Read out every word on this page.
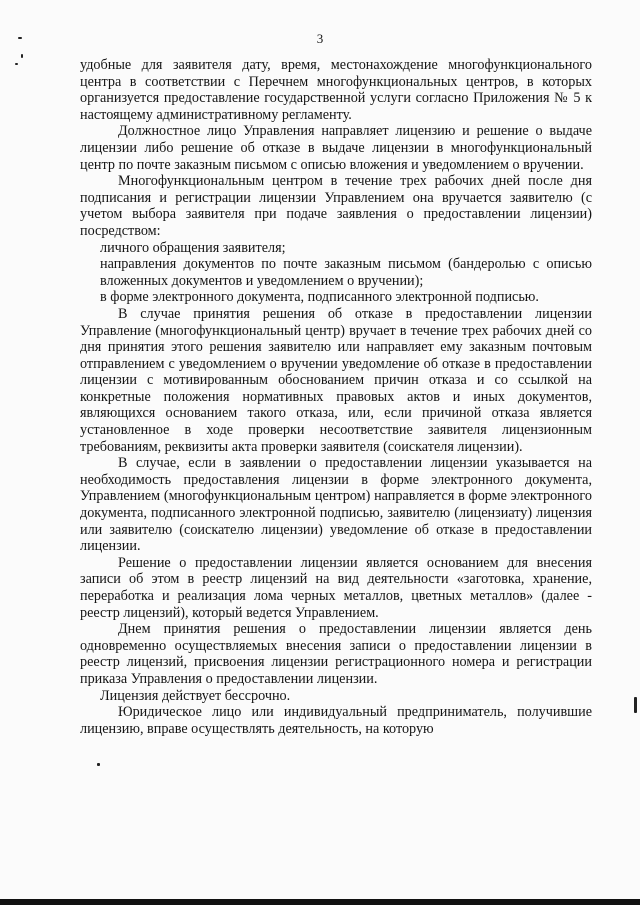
3

удобные для заявителя дату, время, местонахождение многофункционального центра в соответствии с Перечнем многофункциональных центров, в которых организуется предоставление государственной услуги согласно Приложения № 5 к настоящему административному регламенту.

Должностное лицо Управления направляет лицензию и решение о выдаче лицензии либо решение об отказе в выдаче лицензии в многофункциональный центр по почте заказным письмом с описью вложения и уведомлением о вручении.

Многофункциональным центром в течение трех рабочих дней после дня подписания и регистрации лицензии Управлением она вручается заявителю (с учетом выбора заявителя при подаче заявления о предоставлении лицензии) посредством:

личного обращения заявителя;

направления документов по почте заказным письмом (бандеролью с описью вложенных документов и уведомлением о вручении);

в форме электронного документа, подписанного электронной подписью.

В случае принятия решения об отказе в предоставлении лицензии Управление (многофункциональный центр) вручает в течение трех рабочих дней со дня принятия этого решения заявителю или направляет ему заказным почтовым отправлением с уведомлением о вручении уведомление об отказе в предоставлении лицензии с мотивированным обоснованием причин отказа и со ссылкой на конкретные положения нормативных правовых актов и иных документов, являющихся основанием такого отказа, или, если причиной отказа является установленное в ходе проверки несоответствие заявителя лицензионным требованиям, реквизиты акта проверки заявителя (соискателя лицензии).

В случае, если в заявлении о предоставлении лицензии указывается на необходимость предоставления лицензии в форме электронного документа, Управлением (многофункциональным центром) направляется в форме электронного документа, подписанного электронной подписью, заявителю (лицензиату) лицензия или заявителю (соискателю лицензии) уведомление об отказе в предоставлении лицензии.

Решение о предоставлении лицензии является основанием для внесения записи об этом в реестр лицензий на вид деятельности «заготовка, хранение, переработка и реализация лома черных металлов, цветных металлов» (далее - реестр лицензий), который ведется Управлением.

Днем принятия решения о предоставлении лицензии является день одновременно осуществляемых внесения записи о предоставлении лицензии в реестр лицензий, присвоения лицензии регистрационного номера и регистрации приказа Управления о предоставлении лицензии.

Лицензия действует бессрочно.

Юридическое лицо или индивидуальный предприниматель, получившие лицензию, вправе осуществлять деятельность, на которую
